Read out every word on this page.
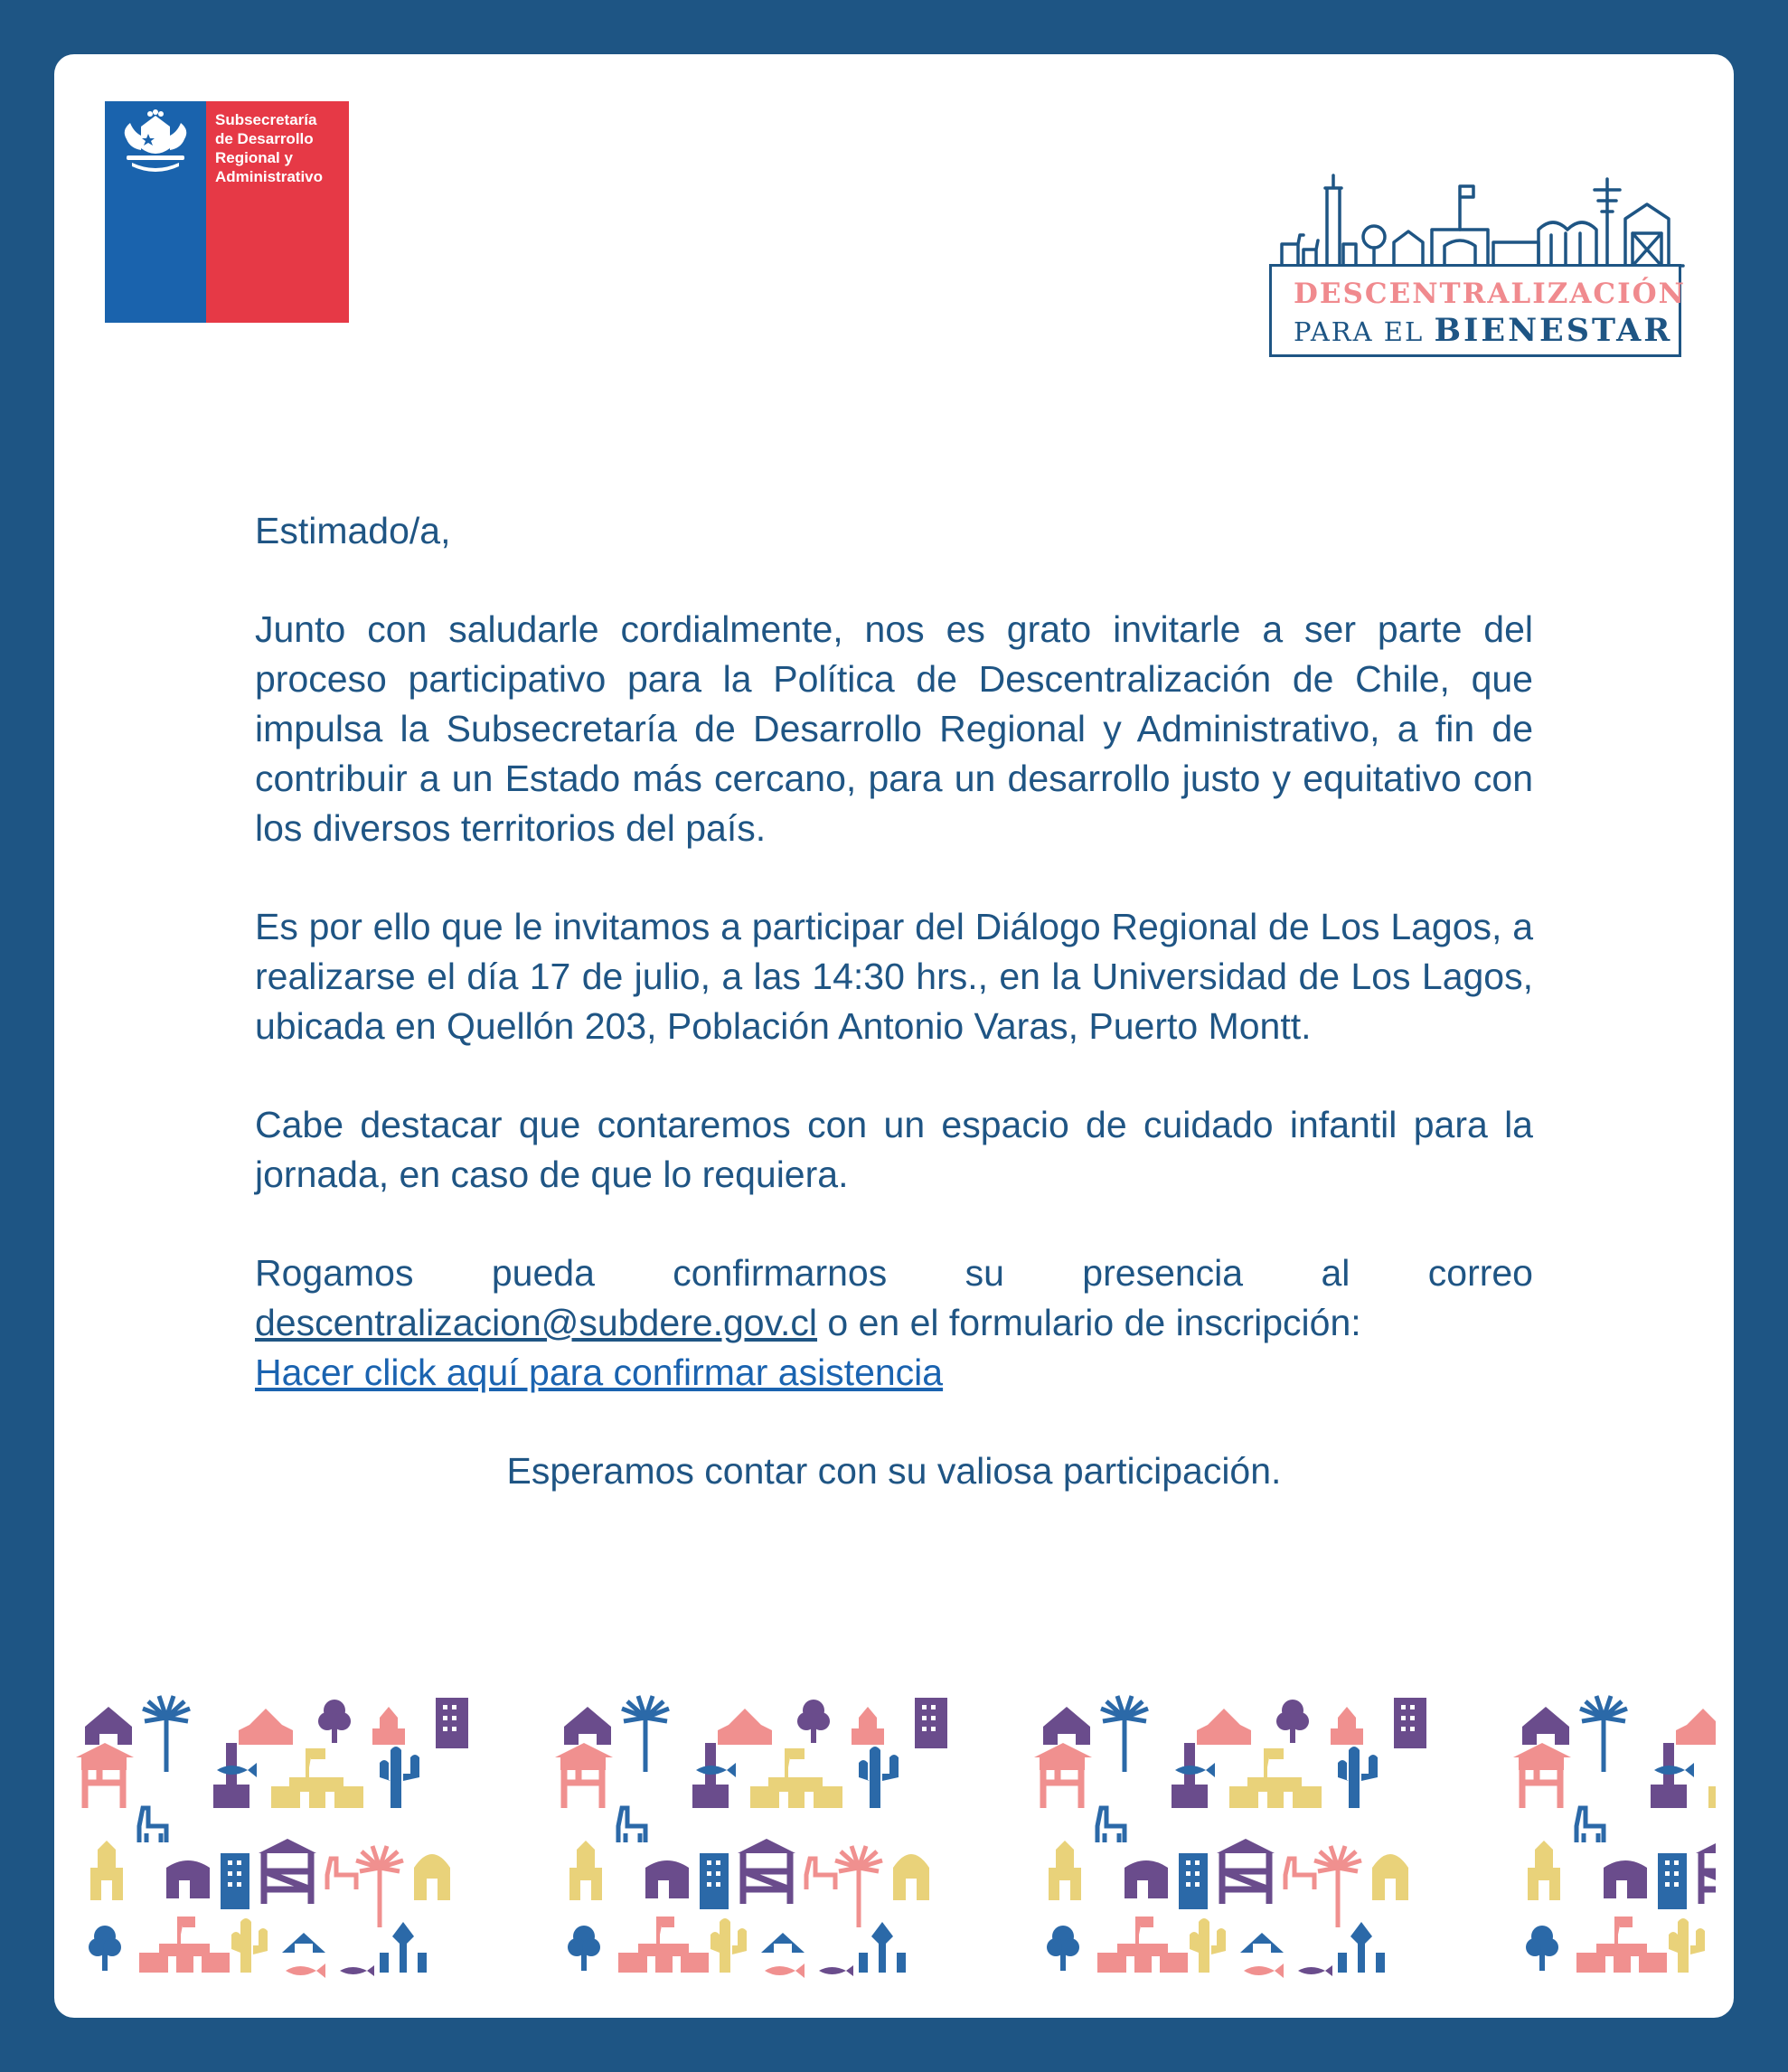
Subsecretaría
de Desarrollo
Regional y
Administrativo
DESCENTRALIZACIÓN
PARA EL BIENESTAR

Estimado/a,

Junto con saludarle cordialmente, nos es grato invitarle a ser parte del proceso participativo para la Política de Descentralización de Chile, que impulsa la Subsecretaría de Desarrollo Regional y Administrativo, a fin de contribuir a un Estado más cercano, para un desarrollo justo y equitativo con los diversos territorios del país.

Es por ello que le invitamos a participar del Diálogo Regional de Los Lagos, a realizarse el día 17 de julio, a las 14:30 hrs., en la Universidad de Los Lagos, ubicada en Quellón 203, Población Antonio Varas, Puerto Montt.

Cabe destacar que contaremos con un espacio de cuidado infantil para la jornada, en caso de que lo requiera.

Rogamos pueda confirmarnos su presencia al correo descentralizacion@subdere.gov.cl o en el formulario de inscripción:
Hacer click aquí para confirmar asistencia

Esperamos contar con su valiosa participación.
